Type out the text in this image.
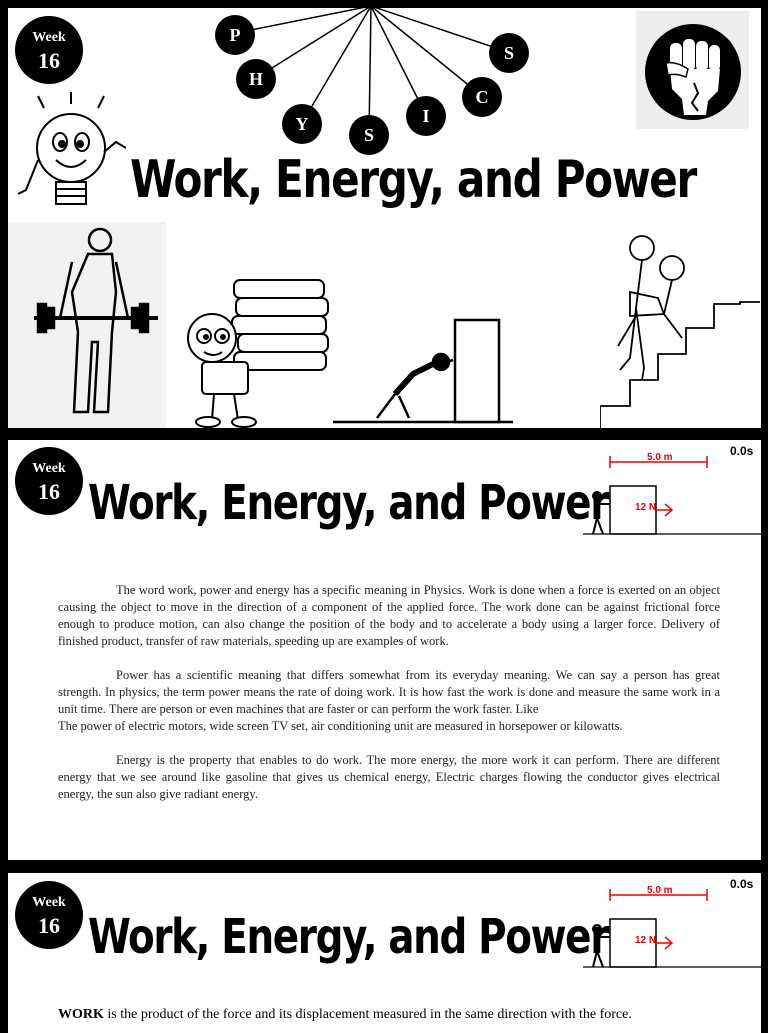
Week
16
P
H
Y
S
I
C
S
Work, Energy, and Power
Week
16 Work, Energy, and Power
5.0 m
12 N
0.0s

The word work, power and energy has a specific meaning in Physics. Work is done when a force is exerted on an object causing the object to move in the direction of a component of the applied force. The work done can be against frictional force enough to produce motion, can also change the position of the body and to accelerate a body using a larger force. Delivery of finished product, transfer of raw materials, speeding up are examples of work.

Power has a scientific meaning that differs somewhat from its everyday meaning. We can say a person has great strength. In physics, the term power means the rate of doing work. It is how fast the work is done and measure the same work in a unit time. There are person or even machines that are faster or can perform the work faster. Like

The power of electric motors, wide screen TV set, air conditioning unit are measured in horsepower or kilowatts.

Energy is the property that enables to do work. The more energy, the more work it can perform. There are different energy that we see around like gasoline that gives us chemical energy, Electric charges flowing the conductor gives electrical energy, the sun also give radiant energy.

Week
16 Work, Energy, and Power
5.0 m
12 N
0.0s
WORK is the product of the force and its displacement measured in the same direction with the force.
